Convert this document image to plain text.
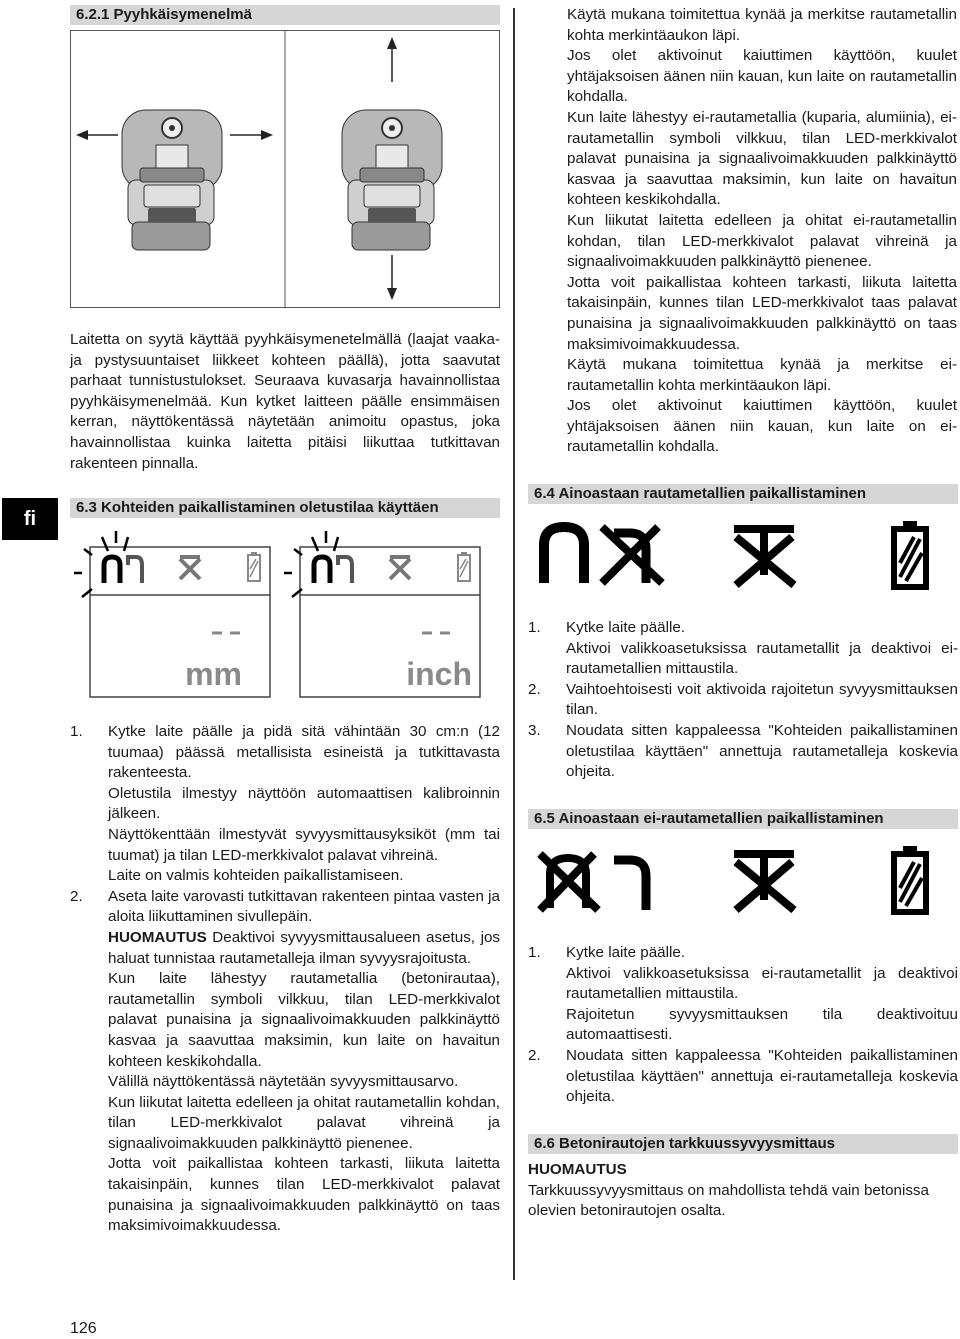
fi
126
6.2.1 Pyyhkäisymenelmä

Laitetta on syytä käyttää pyyhkäisymenetelmällä (laajat vaaka- ja pystysuuntaiset liikkeet kohteen päällä), jotta saavutat parhaat tunnistustulokset. Seuraava kuvasarja havainnollistaa pyyhkäisymenelmää. Kun kytket laitteen päälle ensimmäisen kerran, näyttökentässä näytetään animoitu opastus, joka havainnollistaa kuinka laitetta pitäisi liikuttaa tutkittavan rakenteen pinnalla.

6.3 Kohteiden paikallistaminen oletustilaa käyttäen
mm	inch
1. Kytke laite päälle ja pidä sitä vähintään 30 cm:n (12 tuumaa) päässä metallisista esineistä ja tutkittavasta rakenteesta.

Oletustila ilmestyy näyttöön automaattisen kalibroinnin jälkeen.

Näyttökenttään ilmestyvät syvyysmittausyksiköt (mm tai tuumat) ja tilan LED-merkkivalot palavat vihreinä.

Laite on valmis kohteiden paikallistamiseen.

2. Aseta laite varovasti tutkittavan rakenteen pintaa vasten ja aloita liikuttaminen sivullepäin.

HUOMAUTUS Deaktivoi syvyysmittausalueen asetus, jos haluat tunnistaa rautametalleja ilman syvyysrajoitusta.

Kun laite lähestyy rautametallia (betonirautaa), rautametallin symboli vilkkuu, tilan LED-merkkivalot palavat punaisina ja signaalivoimakkuuden palkkinäyttö kasvaa ja saavuttaa maksimin, kun laite on havaitun kohteen keskikohdalla.

Välillä näyttökentässä näytetään syvyysmittausarvo.

Kun liikutat laitetta edelleen ja ohitat rautametallin kohdan, tilan LED-merkkivalot palavat vihreinä ja signaalivoimakkuuden palkkinäyttö pienenee.

Jotta voit paikallistaa kohteen tarkasti, liikuta laitetta takaisinpäin, kunnes tilan LED-merkkivalot palavat punaisina ja signaalivoimakkuuden palkkinäyttö on taas maksimivoimakkuudessa.

Käytä mukana toimitettua kynää ja merkitse rautametallin kohta merkintäaukon läpi.

Jos olet aktivoinut kaiuttimen käyttöön, kuulet yhtäjaksoisen äänen niin kauan, kun laite on rautametallin kohdalla.

Kun laite lähestyy ei-rautametallia (kuparia, alumiinia), ei-rautametallin symboli vilkkuu, tilan LED-merkkivalot palavat punaisina ja signaalivoimakkuuden palkkinäyttö kasvaa ja saavuttaa maksimin, kun laite on havaitun kohteen keskikohdalla.

Kun liikutat laitetta edelleen ja ohitat ei-rautametallin kohdan, tilan LED-merkkivalot palavat vihreinä ja signaalivoimakkuuden palkkinäyttö pienenee.

Jotta voit paikallistaa kohteen tarkasti, liikuta laitetta takaisinpäin, kunnes tilan LED-merkkivalot taas palavat punaisina ja signaalivoimakkuuden palkkinäyttö on taas maksimivoimakkuudessa.

Käytä mukana toimitettua kynää ja merkitse ei-rautametallin kohta merkintäaukon läpi.

Jos olet aktivoinut kaiuttimen käyttöön, kuulet yhtäjaksoisen äänen niin kauan, kun laite on ei-rautametallin kohdalla.

6.4 Ainoastaan rautametallien paikallistaminen
1. Kytke laite päälle.

Aktivoi valikkoasetuksissa rautametallit ja deaktivoi ei-rautametallien mittaustila.

2. Vaihtoehtoisesti voit aktivoida rajoitetun syvyysmittauksen tilan.

3. Noudata sitten kappaleessa "Kohteiden paikallistaminen oletustilaa käyttäen" annettuja rautametalleja koskevia ohjeita.

6.5 Ainoastaan ei-rautametallien paikallistaminen
1. Kytke laite päälle.

Aktivoi valikkoasetuksissa ei-rautametallit ja deaktivoi rautametallien mittaustila.

Rajoitetun syvyysmittauksen tila deaktivoituu automaattisesti.

2. Noudata sitten kappaleessa "Kohteiden paikallistaminen oletustilaa käyttäen" annettuja ei-rautametalleja koskevia ohjeita.

6.6 Betonirautojen tarkkuussyvyysmittaus

HUOMAUTUS

Tarkkuussyvyysmittaus on mahdollista tehdä vain betonissa olevien betonirautojen osalta.
